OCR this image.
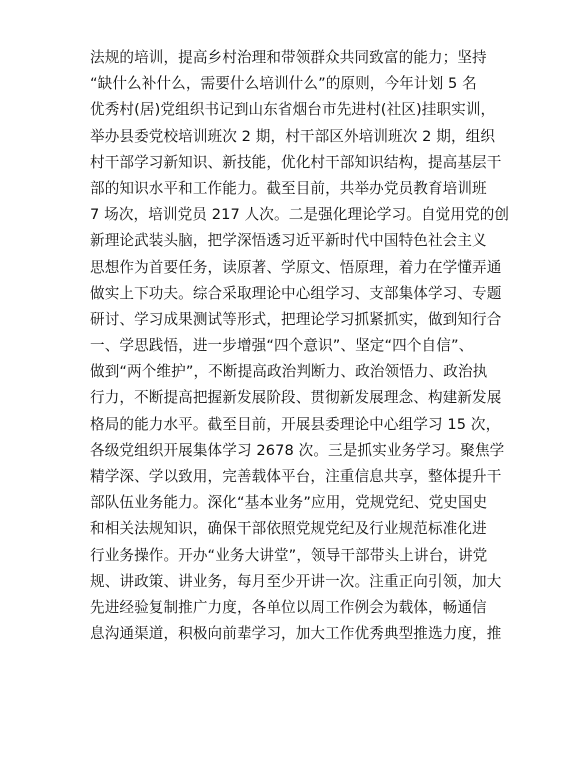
法规的培训，提高乡村治理和带领群众共同致富的能力；坚持
“缺什么补什么，需要什么培训什么”的原则，今年计划 5 名
优秀村(居)党组织书记到山东省烟台市先进村(社区)挂职实训，
举办县委党校培训班次 2 期，村干部区外培训班次 2 期，组织
村干部学习新知识、新技能，优化村干部知识结构，提高基层干
部的知识水平和工作能力。截至目前，共举办党员教育培训班
7 场次，培训党员 217 人次。二是强化理论学习。自觉用党的创
新理论武装头脑，把学深悟透习近平新时代中国特色社会主义
思想作为首要任务，读原著、学原文、悟原理，着力在学懂弄通
做实上下功夫。综合采取理论中心组学习、支部集体学习、专题
研讨、学习成果测试等形式，把理论学习抓紧抓实，做到知行合
一、学思践悟，进一步增强“四个意识”、坚定“四个自信”、
做到“两个维护”，不断提高政治判断力、政治领悟力、政治执
行力，不断提高把握新发展阶段、贯彻新发展理念、构建新发展
格局的能力水平。截至目前，开展县委理论中心组学习 15 次，
各级党组织开展集体学习 2678 次。三是抓实业务学习。聚焦学
精学深、学以致用，完善载体平台，注重信息共享，整体提升干
部队伍业务能力。深化“基本业务”应用，党规党纪、党史国史
和相关法规知识，确保干部依照党规党纪及行业规范标准化进
行业务操作。开办“业务大讲堂”，领导干部带头上讲台，讲党
规、讲政策、讲业务，每月至少开讲一次。注重正向引领，加大
先进经验复制推广力度，各单位以周工作例会为载体，畅通信
息沟通渠道，积极向前辈学习，加大工作优秀典型推选力度，推
